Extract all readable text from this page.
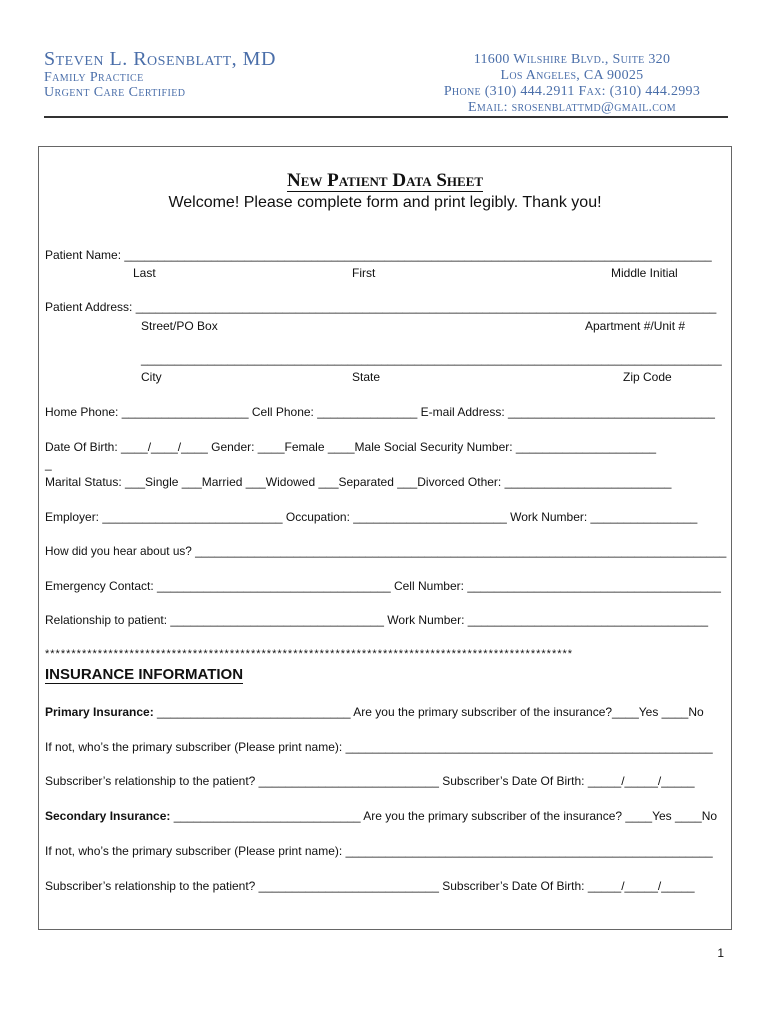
Steven L. Rosenblatt, MD
Family Practice
Urgent Care Certified
11600 Wilshire Blvd., Suite 320
Los Angeles, CA 90025
Phone (310) 444.2911 Fax: (310) 444.2993
Email: srosenblattmd@gmail.com
New Patient Data Sheet
Welcome! Please complete form and print legibly. Thank you!
Patient Name: ________________________________________________________________________________________
Last	First	Middle Initial
Patient Address: _______________________________________________________________________________________
Street/PO Box	Apartment #/Unit #
_______________________________________________________________________________________
City	State	Zip Code
Home Phone: ___________________ Cell Phone: _______________ E-mail Address: _______________________________
Date Of Birth: ____/____/____ Gender: ____Female ____Male Social Security Number: _____________________
_
Marital Status: ___Single ___Married ___Widowed ___Separated ___Divorced Other: _________________________
Employer: ___________________________ Occupation: _______________________ Work Number: ________________
How did you hear about us? _________________________________________________________________________________
Emergency Contact: ___________________________________ Cell Number: ______________________________________
Relationship to patient: ________________________________ Work Number: ____________________________________
****************************************************************************************************
INSURANCE INFORMATION
Primary Insurance: _____________________________ Are you the primary subscriber of the insurance?____Yes ____No
If not, who’s the primary subscriber (Please print name): _______________________________________________________
Subscriber’s relationship to the patient? ___________________________ Subscriber’s Date Of Birth: _____/_____/_____
Secondary Insurance: ____________________________ Are you the primary subscriber of the insurance? ____Yes ____No
If not, who’s the primary subscriber (Please print name): _______________________________________________________
Subscriber’s relationship to the patient? ___________________________ Subscriber’s Date Of Birth: _____/_____/_____
1
